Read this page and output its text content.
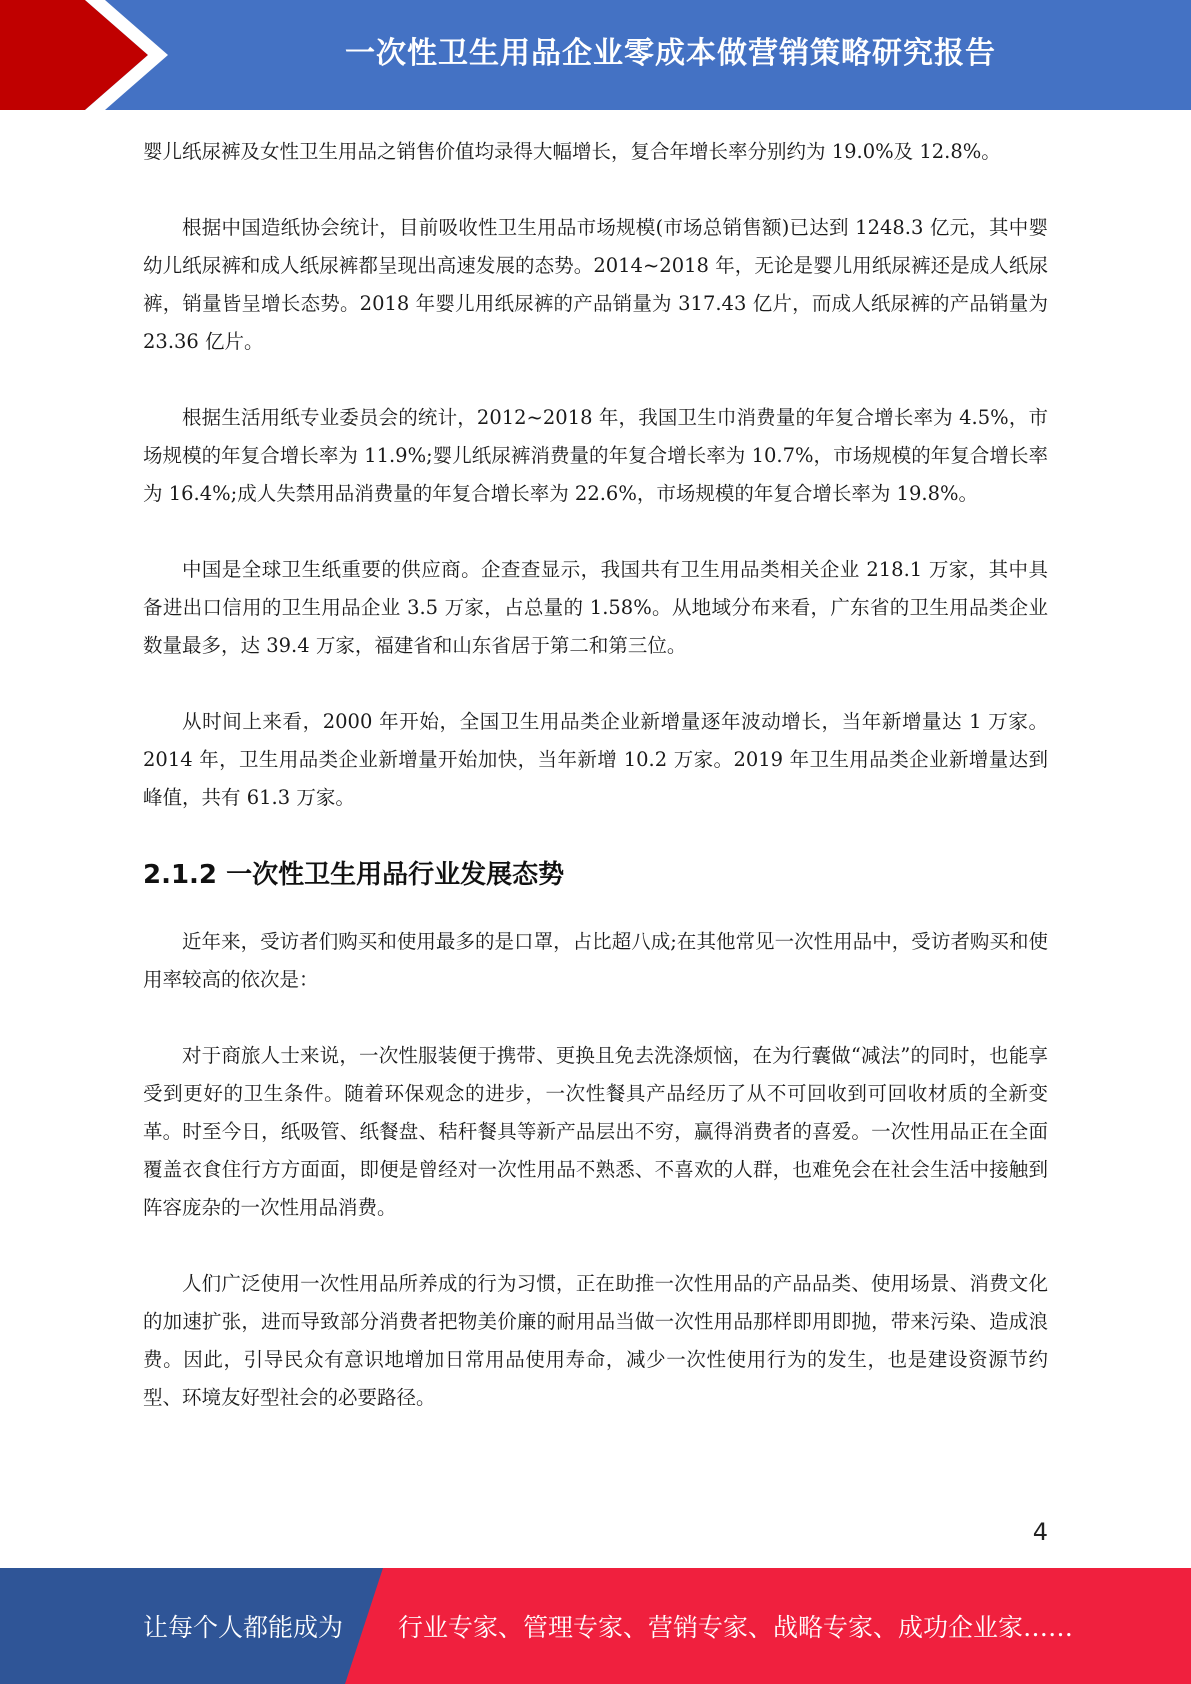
一次性卫生用品企业零成本做营销策略研究报告

婴儿纸尿裤及女性卫生用品之销售价值均录得大幅增长，复合年增长率分别约为 19.0%及 12.8%。

根据中国造纸协会统计，目前吸收性卫生用品市场规模(市场总销售额)已达到 1248.3 亿元，其中婴幼儿纸尿裤和成人纸尿裤都呈现出高速发展的态势。2014~2018 年，无论是婴儿用纸尿裤还是成人纸尿裤，销量皆呈增长态势。2018 年婴儿用纸尿裤的产品销量为 317.43 亿片，而成人纸尿裤的产品销量为 23.36 亿片。

根据生活用纸专业委员会的统计，2012~2018 年，我国卫生巾消费量的年复合增长率为 4.5%，市场规模的年复合增长率为 11.9%;婴儿纸尿裤消费量的年复合增长率为 10.7%，市场规模的年复合增长率为 16.4%;成人失禁用品消费量的年复合增长率为 22.6%，市场规模的年复合增长率为 19.8%。

中国是全球卫生纸重要的供应商。企查查显示，我国共有卫生用品类相关企业 218.1 万家，其中具备进出口信用的卫生用品企业 3.5 万家，占总量的 1.58%。从地域分布来看，广东省的卫生用品类企业数量最多，达 39.4 万家，福建省和山东省居于第二和第三位。

从时间上来看，2000 年开始，全国卫生用品类企业新增量逐年波动增长，当年新增量达 1 万家。2014 年，卫生用品类企业新增量开始加快，当年新增 10.2 万家。2019 年卫生用品类企业新增量达到峰值，共有 61.3 万家。

2.1.2 一次性卫生用品行业发展态势

近年来，受访者们购买和使用最多的是口罩，占比超八成;在其他常见一次性用品中，受访者购买和使用率较高的依次是：

对于商旅人士来说，一次性服装便于携带、更换且免去洗涤烦恼，在为行囊做“减法”的同时，也能享受到更好的卫生条件。随着环保观念的进步，一次性餐具产品经历了从不可回收到可回收材质的全新变革。时至今日，纸吸管、纸餐盘、秸秆餐具等新产品层出不穷，赢得消费者的喜爱。一次性用品正在全面覆盖衣食住行方方面面，即便是曾经对一次性用品不熟悉、不喜欢的人群，也难免会在社会生活中接触到阵容庞杂的一次性用品消费。

人们广泛使用一次性用品所养成的行为习惯，正在助推一次性用品的产品品类、使用场景、消费文化的加速扩张，进而导致部分消费者把物美价廉的耐用品当做一次性用品那样即用即抛，带来污染、造成浪费。因此，引导民众有意识地增加日常用品使用寿命，减少一次性使用行为的发生，也是建设资源节约型、环境友好型社会的必要路径。

4
让每个人都能成为 行业专家、管理专家、营销专家、战略专家、成功企业家……
